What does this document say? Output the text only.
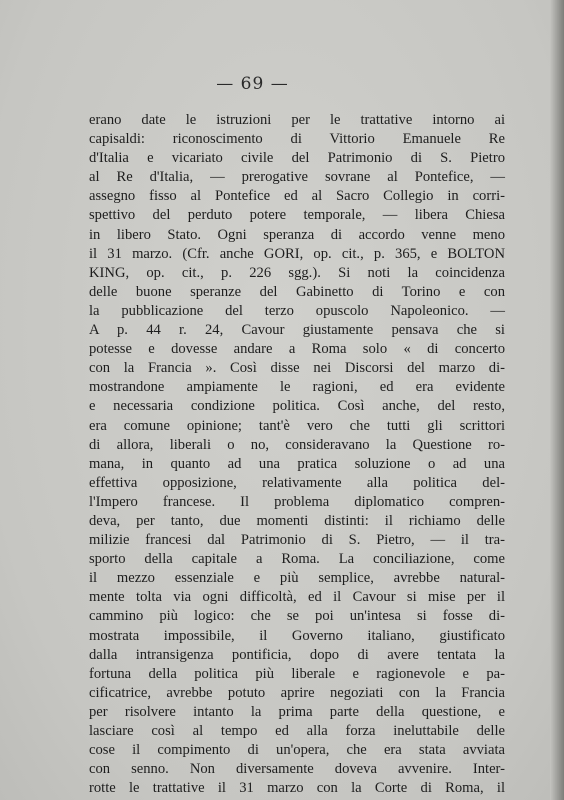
— 69 —
erano date le istruzioni per le trattative intorno ai
capisaldi: riconoscimento di Vittorio Emanuele Re
d'Italia e vicariato civile del Patrimonio di S. Pietro
al Re d'Italia, — prerogative sovrane al Pontefice, —
assegno fisso al Pontefice ed al Sacro Collegio in corri-
spettivo del perduto potere temporale, — libera Chiesa
in libero Stato. Ogni speranza di accordo venne meno
il 31 marzo. (Cfr. anche GORI, op. cit., p. 365, e BOLTON
KING, op. cit., p. 226 sgg.). Si noti la coincidenza
delle buone speranze del Gabinetto di Torino e con
la pubblicazione del terzo opuscolo Napoleonico. —
A p. 44 r. 24, Cavour giustamente pensava che si
potesse e dovesse andare a Roma solo « di concerto
con la Francia ». Così disse nei Discorsi del marzo di-
mostrandone ampiamente le ragioni, ed era evidente
e necessaria condizione politica. Così anche, del resto,
era comune opinione; tant'è vero che tutti gli scrittori
di allora, liberali o no, consideravano la Questione ro-
mana, in quanto ad una pratica soluzione o ad una
effettiva opposizione, relativamente alla politica del-
l'Impero francese. Il problema diplomatico compren-
deva, per tanto, due momenti distinti: il richiamo delle
milizie francesi dal Patrimonio di S. Pietro, — il tra-
sporto della capitale a Roma. La conciliazione, come
il mezzo essenziale e più semplice, avrebbe natural-
mente tolta via ogni difficoltà, ed il Cavour si mise per il
cammino più logico: che se poi un'intesa si fosse di-
mostrata impossibile, il Governo italiano, giustificato
dalla intransigenza pontificia, dopo di avere tentata la
fortuna della politica più liberale e ragionevole e pa-
cificatrice, avrebbe potuto aprire negoziati con la Francia
per risolvere intanto la prima parte della questione, e
lasciare così al tempo ed alla forza ineluttabile delle
cose il compimento di un'opera, che era stata avviata
con senno. Non diversamente doveva avvenire. Inter-
rotte le trattative il 31 marzo con la Corte di Roma, il
